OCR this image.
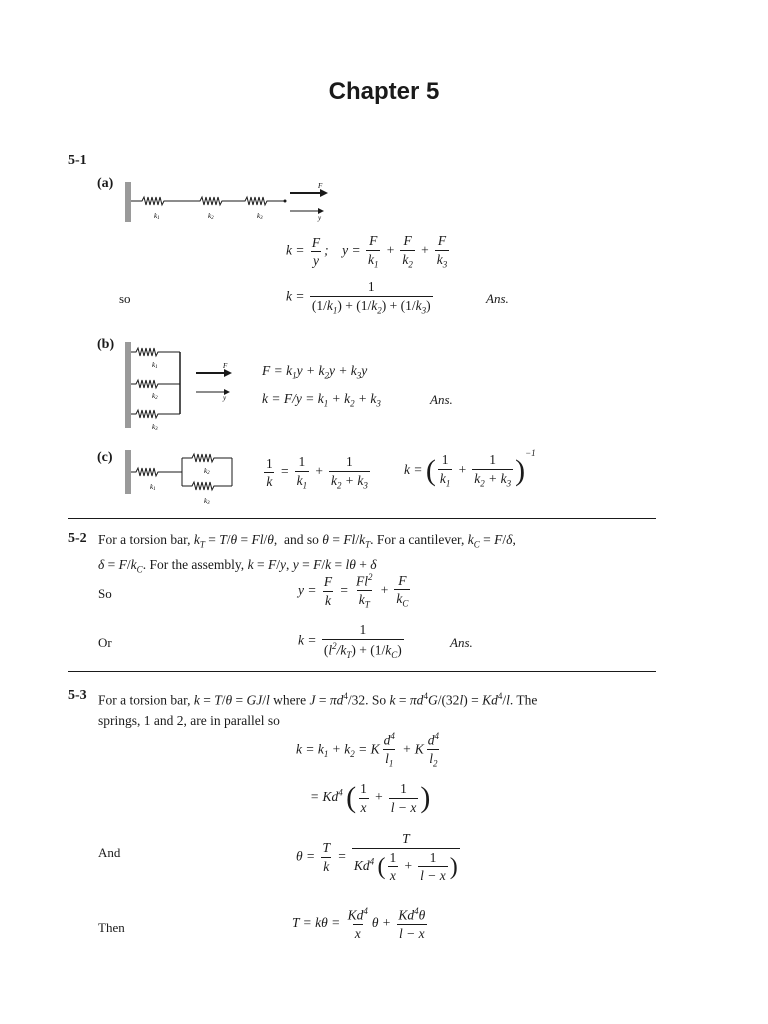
Chapter 5
5-1
(a)	F
y
k1	k2	k3
$k = \frac{F}{y}$ ;    $y = \frac{F}{k_1} + \frac{F}{k_2} + \frac{F}{k_3}$
so	$k = \frac{1}{(1/k_1) + (1/k_2) + (1/k_3)}$	Ans.
(b)
F
y
k1
k2
k3
$F = k_1y + k_2y + k_3y$
$k = F/y = k_1 + k_2 + k_3$	Ans.
(c)
k1
k2
k3
$\frac{1}{k} = \frac{1}{k_1} + \frac{1}{k_2 + k_3}$	k = ( $\frac{1}{k_1} + \frac{1}{k_2 + k_3} )^{-1}$
5-2 For a torsion bar, $k_T = T/\theta = Fl/\theta$,  and so $\theta = Fl/k_T$. For a cantilever, $k_C = F/\delta$,
$\delta = F/k_C$. For the assembly, k = F/y, y = F/k = lθ + δ
So	$y = \frac{F}{k} = \frac{Fl^2}{k_T} + \frac{F}{k_C}$
Or	$k = \frac{1}{(l^2/k_T) + (1/k_C)}$	Ans.
5-3 For a torsion bar, k = T/θ = GJ/l where $J = \pi d^4/32$. So $k = \pi d^4G/(32l) = Kd^4/l$. The
springs, 1 and 2, are in parallel so
$k = k_1 + k_2 = K \frac{d^4}{l_1} + K \frac{d^4}{l_2}$
= $Kd^4$ ( $\frac{1}{x} + \frac{1}{l - x}$ )
And	$\theta = \frac{T}{k} = \frac{T}{Kd^4 ( \frac{1}{x} + \frac{1}{l - x} )}$
Then	$T = k\theta = \frac{Kd^4}{x}$ $\theta + \frac{Kd^4\theta}{l - x}$
